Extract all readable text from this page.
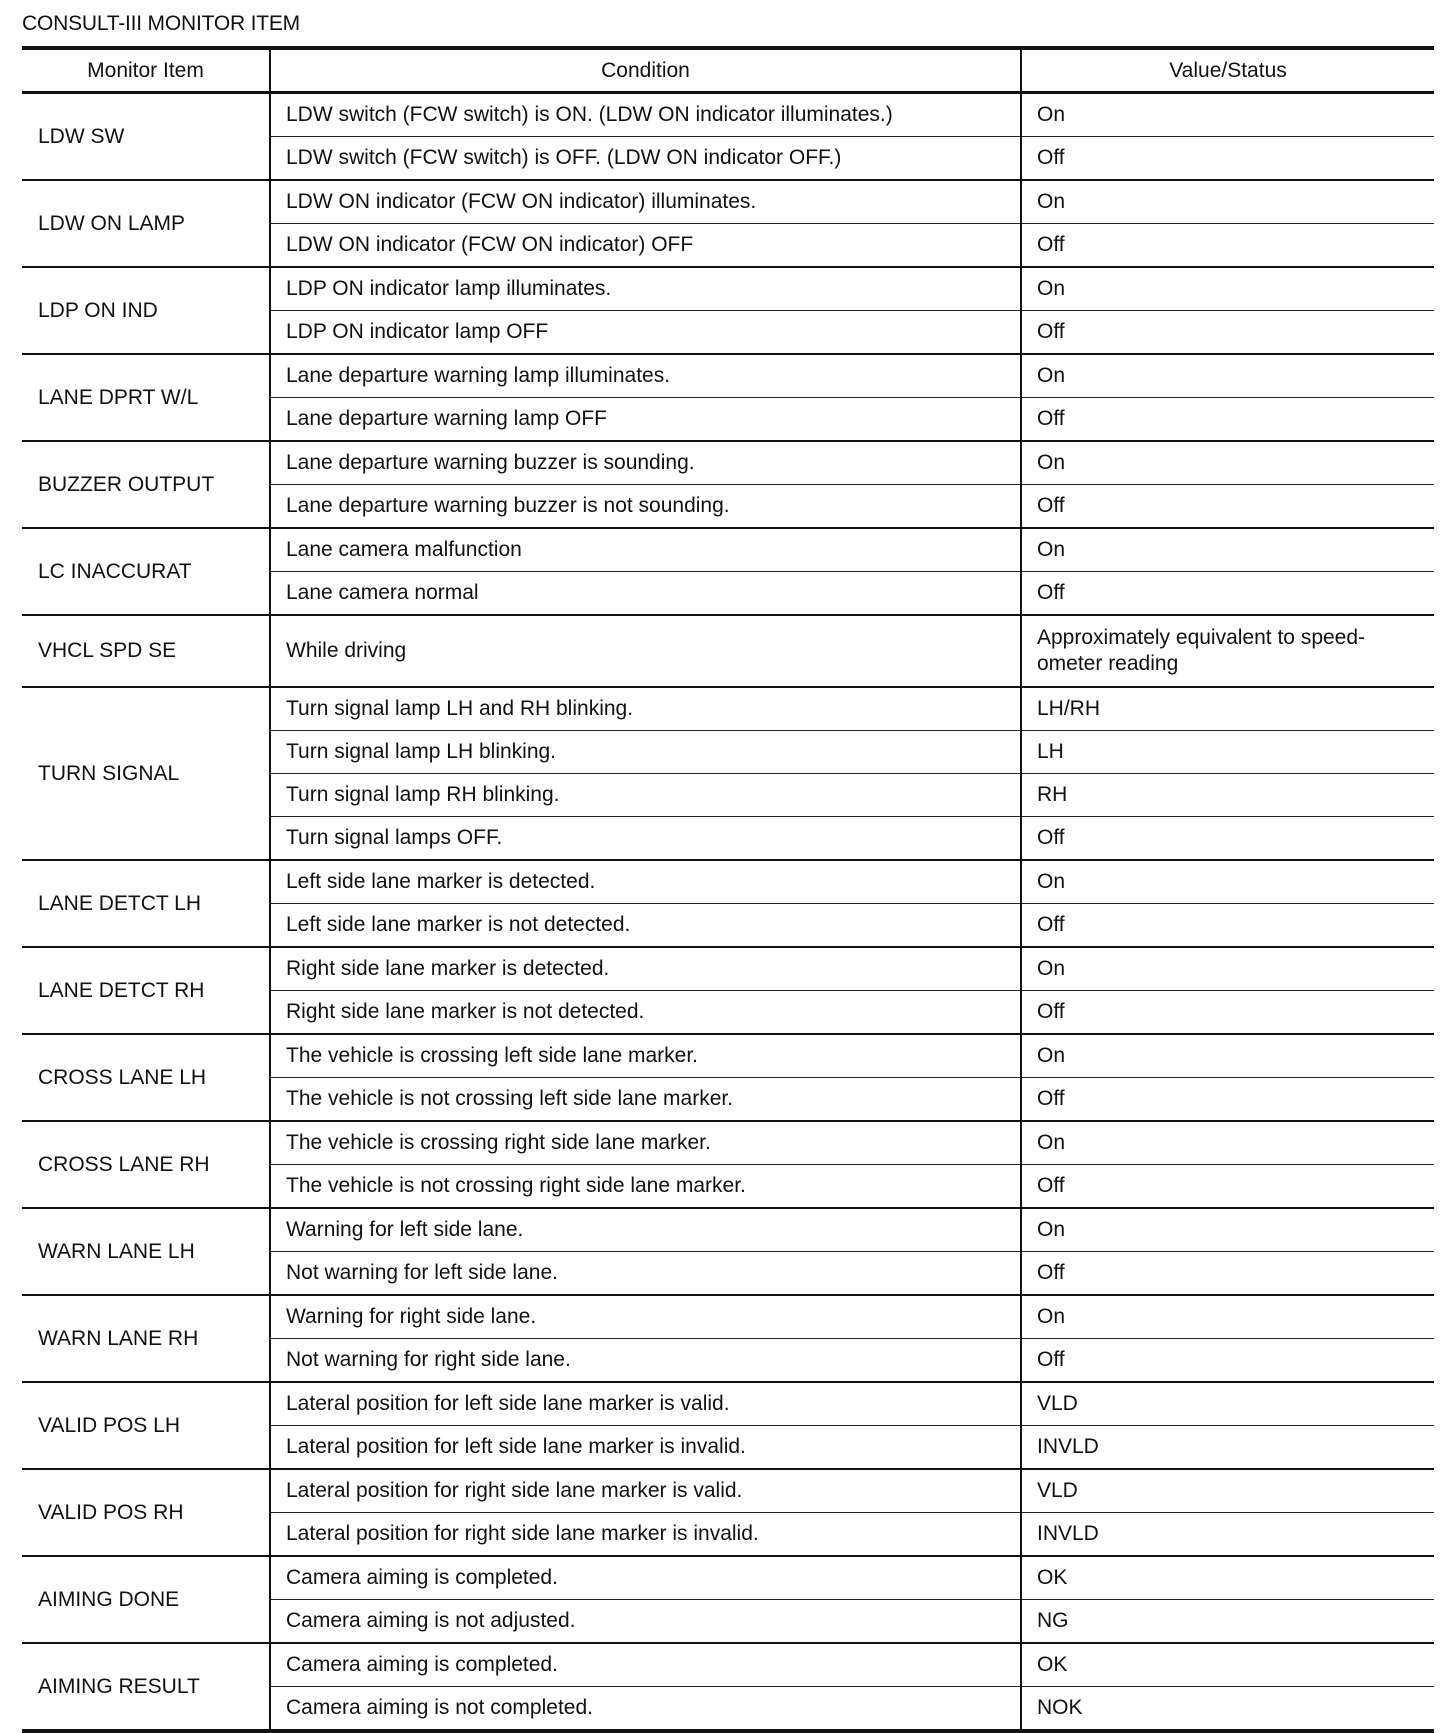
CONSULT-III MONITOR ITEM
Monitor Item	Condition	Value/Status
LDW SW	LDW switch (FCW switch) is ON. (LDW ON indicator illuminates.)	On
	LDW switch (FCW switch) is OFF. (LDW ON indicator OFF.)	Off
LDW ON LAMP	LDW ON indicator (FCW ON indicator) illuminates.	On
	LDW ON indicator (FCW ON indicator) OFF	Off
LDP ON IND	LDP ON indicator lamp illuminates.	On
	LDP ON indicator lamp OFF	Off
LANE DPRT W/L	Lane departure warning lamp illuminates.	On
	Lane departure warning lamp OFF	Off
BUZZER OUTPUT	Lane departure warning buzzer is sounding.	On
	Lane departure warning buzzer is not sounding.	Off
LC INACCURAT	Lane camera malfunction	On
	Lane camera normal	Off
VHCL SPD SE	While driving	Approximately equivalent to speed-
ometer reading
TURN SIGNAL	Turn signal lamp LH and RH blinking.	LH/RH
	Turn signal lamp LH blinking.	LH
	Turn signal lamp RH blinking.	RH
	Turn signal lamps OFF.	Off
LANE DETCT LH	Left side lane marker is detected.	On
	Left side lane marker is not detected.	Off
LANE DETCT RH	Right side lane marker is detected.	On
	Right side lane marker is not detected.	Off
CROSS LANE LH	The vehicle is crossing left side lane marker.	On
	The vehicle is not crossing left side lane marker.	Off
CROSS LANE RH	The vehicle is crossing right side lane marker.	On
	The vehicle is not crossing right side lane marker.	Off
WARN LANE LH	Warning for left side lane.	On
	Not warning for left side lane.	Off
WARN LANE RH	Warning for right side lane.	On
	Not warning for right side lane.	Off
VALID POS LH	Lateral position for left side lane marker is valid.	VLD
	Lateral position for left side lane marker is invalid.	INVLD
VALID POS RH	Lateral position for right side lane marker is valid.	VLD
	Lateral position for right side lane marker is invalid.	INVLD
AIMING DONE	Camera aiming is completed.	OK
	Camera aiming is not adjusted.	NG
AIMING RESULT	Camera aiming is completed.	OK
	Camera aiming is not completed.	NOK
